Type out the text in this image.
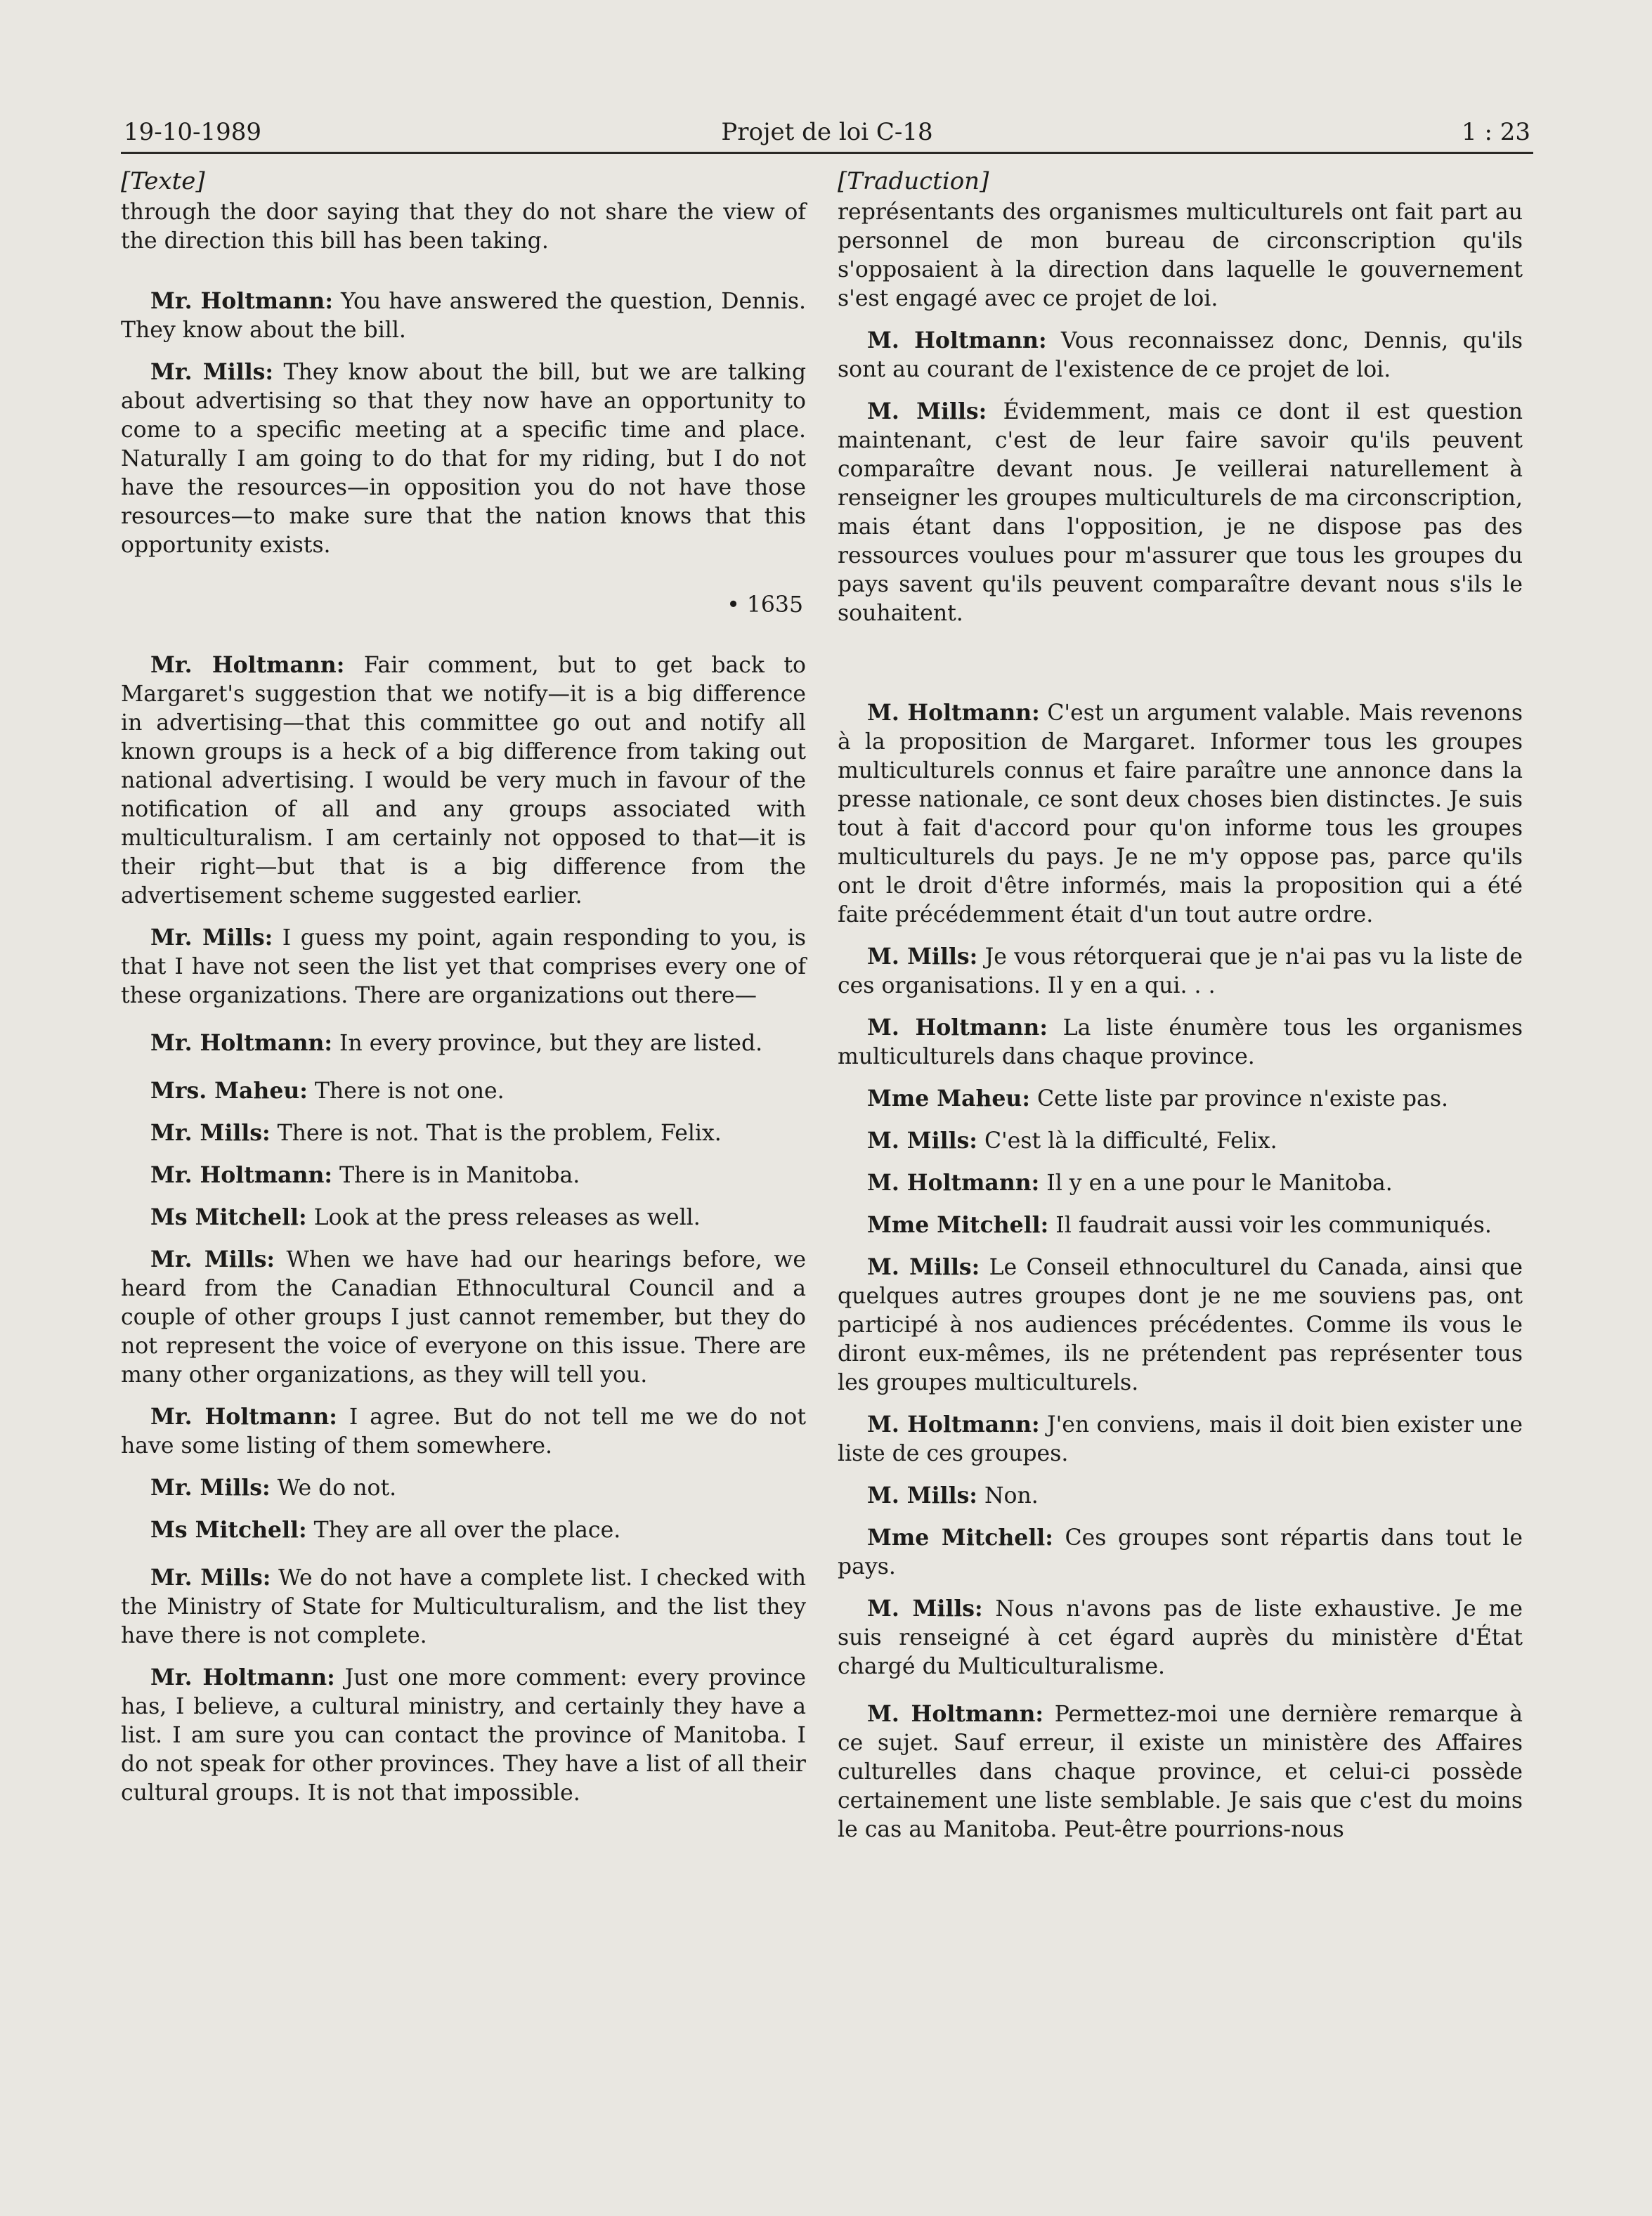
19-10-1989	Projet de loi C-18	1 : 23
[Texte]

through the door saying that they do not share the view of the direction this bill has been taking.

Mr. Holtmann: You have answered the question, Dennis. They know about the bill.

Mr. Mills: They know about the bill, but we are talking about advertising so that they now have an opportunity to come to a specific meeting at a specific time and place. Naturally I am going to do that for my riding, but I do not have the resources—in opposition you do not have those resources—to make sure that the nation knows that this opportunity exists.

• 1635

Mr. Holtmann: Fair comment, but to get back to Margaret's suggestion that we notify—it is a big difference in advertising—that this committee go out and notify all known groups is a heck of a big difference from taking out national advertising. I would be very much in favour of the notification of all and any groups associated with multiculturalism. I am certainly not opposed to that—it is their right—but that is a big difference from the advertisement scheme suggested earlier.

Mr. Mills: I guess my point, again responding to you, is that I have not seen the list yet that comprises every one of these organizations. There are organizations out there—

Mr. Holtmann: In every province, but they are listed.

Mrs. Maheu: There is not one.

Mr. Mills: There is not. That is the problem, Felix.

Mr. Holtmann: There is in Manitoba.

Ms Mitchell: Look at the press releases as well.

Mr. Mills: When we have had our hearings before, we heard from the Canadian Ethnocultural Council and a couple of other groups I just cannot remember, but they do not represent the voice of everyone on this issue. There are many other organizations, as they will tell you.

Mr. Holtmann: I agree. But do not tell me we do not have some listing of them somewhere.

Mr. Mills: We do not.

Ms Mitchell: They are all over the place.

Mr. Mills: We do not have a complete list. I checked with the Ministry of State for Multiculturalism, and the list they have there is not complete.

Mr. Holtmann: Just one more comment: every province has, I believe, a cultural ministry, and certainly they have a list. I am sure you can contact the province of Manitoba. I do not speak for other provinces. They have a list of all their cultural groups. It is not that impossible.

[Traduction]

représentants des organismes multiculturels ont fait part au personnel de mon bureau de circonscription qu'ils s'opposaient à la direction dans laquelle le gouvernement s'est engagé avec ce projet de loi.

M. Holtmann: Vous reconnaissez donc, Dennis, qu'ils sont au courant de l'existence de ce projet de loi.

M. Mills: Évidemment, mais ce dont il est question maintenant, c'est de leur faire savoir qu'ils peuvent comparaître devant nous. Je veillerai naturellement à renseigner les groupes multiculturels de ma circonscription, mais étant dans l'opposition, je ne dispose pas des ressources voulues pour m'assurer que tous les groupes du pays savent qu'ils peuvent comparaître devant nous s'ils le souhaitent.

M. Holtmann: C'est un argument valable. Mais revenons à la proposition de Margaret. Informer tous les groupes multiculturels connus et faire paraître une annonce dans la presse nationale, ce sont deux choses bien distinctes. Je suis tout à fait d'accord pour qu'on informe tous les groupes multiculturels du pays. Je ne m'y oppose pas, parce qu'ils ont le droit d'être informés, mais la proposition qui a été faite précédemment était d'un tout autre ordre.

M. Mills: Je vous rétorquerai que je n'ai pas vu la liste de ces organisations. Il y en a qui. . .

M. Holtmann: La liste énumère tous les organismes multiculturels dans chaque province.

Mme Maheu: Cette liste par province n'existe pas.

M. Mills: C'est là la difficulté, Felix.

M. Holtmann: Il y en a une pour le Manitoba.

Mme Mitchell: Il faudrait aussi voir les communiqués.

M. Mills: Le Conseil ethnoculturel du Canada, ainsi que quelques autres groupes dont je ne me souviens pas, ont participé à nos audiences précédentes. Comme ils vous le diront eux-mêmes, ils ne prétendent pas représenter tous les groupes multiculturels.

M. Holtmann: J'en conviens, mais il doit bien exister une liste de ces groupes.

M. Mills: Non.

Mme Mitchell: Ces groupes sont répartis dans tout le pays.

M. Mills: Nous n'avons pas de liste exhaustive. Je me suis renseigné à cet égard auprès du ministère d'État chargé du Multiculturalisme.

M. Holtmann: Permettez-moi une dernière remarque à ce sujet. Sauf erreur, il existe un ministère des Affaires culturelles dans chaque province, et celui-ci possède certainement une liste semblable. Je sais que c'est du moins le cas au Manitoba. Peut-être pourrions-nous
